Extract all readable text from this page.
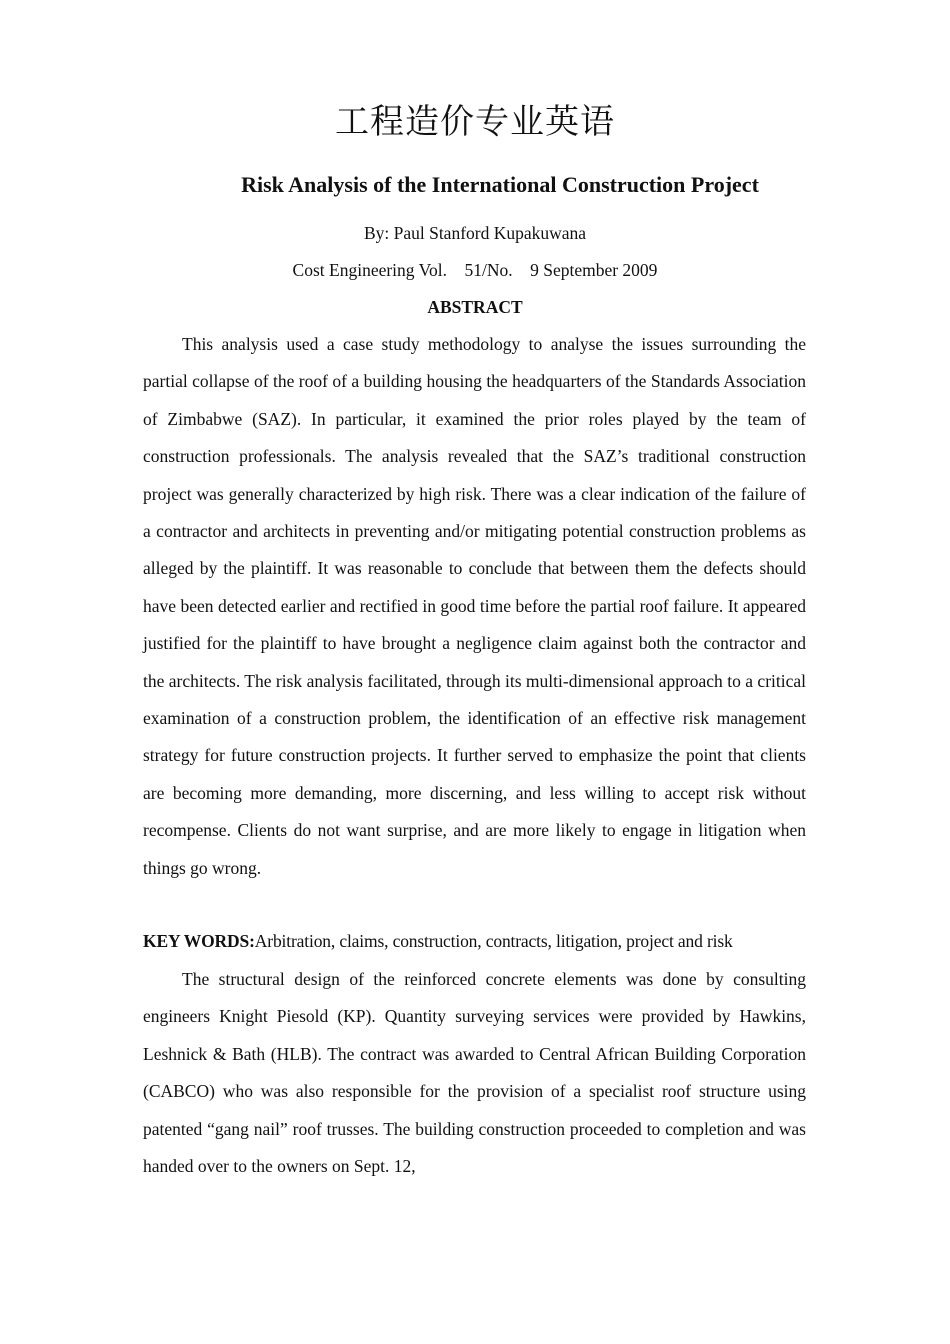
工程造价专业英语
Risk Analysis of the International Construction Project

By: Paul Stanford Kupakuwana

Cost Engineering Vol.　51/No.　9 September 2009

ABSTRACT

This analysis used a case study methodology to analyse the issues surrounding the partial collapse of the roof of a building housing the headquarters of the Standards Association of Zimbabwe (SAZ). In particular, it examined the prior roles played by the team of construction professionals. The analysis revealed that the SAZ’s traditional construction project was generally characterized by high risk. There was a clear indication of the failure of a contractor and architects in preventing and/or mitigating potential construction problems as alleged by the plaintiff. It was reasonable to conclude that between them the defects should have been detected earlier and rectified in good time before the partial roof failure. It appeared justified for the plaintiff to have brought a negligence claim against both the contractor and the architects. The risk analysis facilitated, through its multi-dimensional approach to a critical examination of a construction problem, the identification of an effective risk management strategy for future construction projects. It further served to emphasize the point that clients are becoming more demanding, more discerning, and less willing to accept risk without recompense. Clients do not want surprise, and are more likely to engage in litigation when things go wrong.

KEY WORDS:Arbitration, claims, construction, contracts, litigation, project and risk

The structural design of the reinforced concrete elements was done by consulting engineers Knight Piesold (KP). Quantity surveying services were provided by Hawkins, Leshnick & Bath (HLB). The contract was awarded to Central African Building Corporation (CABCO) who was also responsible for the provision of a specialist roof structure using patented “gang nail” roof trusses. The building construction proceeded to completion and was handed over to the owners on Sept. 12,
